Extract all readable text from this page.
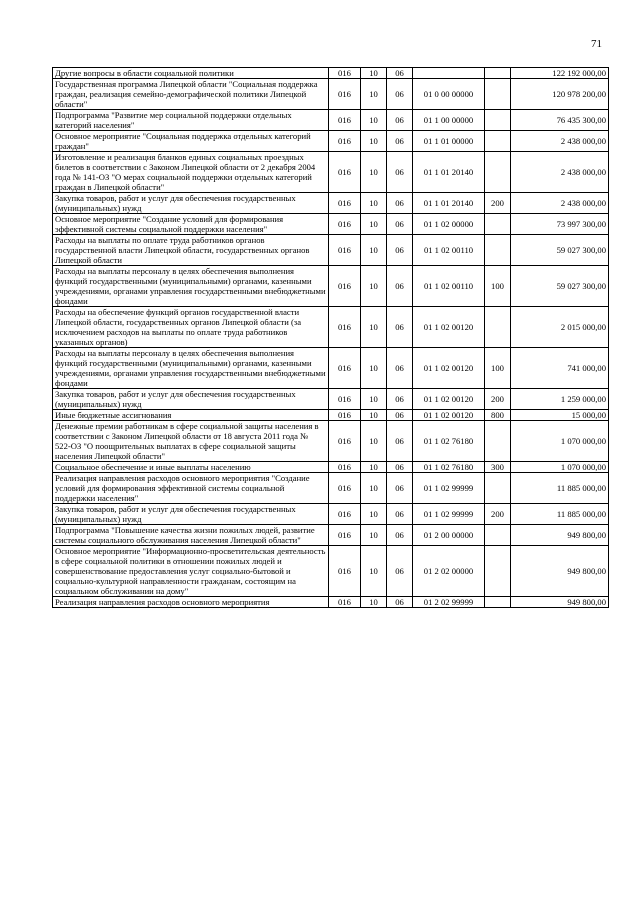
71
Другие вопросы в области социальной политики	016	10	06			122 192 000,00
Государственная программа Липецкой области "Социальная поддержка граждан, реализация семейно-демографической политики Липецкой области"	016	10	06	01 0 00 00000		120 978 200,00
Подпрограмма "Развитие мер социальной поддержки отдельных категорий населения"	016	10	06	01 1 00 00000		76 435 300,00
Основное мероприятие "Социальная поддержка отдельных категорий граждан"	016	10	06	01 1 01 00000		2 438 000,00
Изготовление и реализация бланков единых социальных проездных билетов в соответствии с Законом Липецкой области от 2 декабря 2004 года № 141-ОЗ "О мерах социальной поддержки отдельных категорий граждан в Липецкой области"	016	10	06	01 1 01 20140		2 438 000,00
Закупка товаров, работ и услуг для обеспечения государственных (муниципальных) нужд	016	10	06	01 1 01 20140	200	2 438 000,00
Основное мероприятие "Создание условий для формирования эффективной системы социальной поддержки населения"	016	10	06	01 1 02 00000		73 997 300,00
Расходы на выплаты по оплате труда работников органов государственной власти Липецкой области, государственных органов Липецкой области	016	10	06	01 1 02 00110		59 027 300,00
Расходы на выплаты персоналу в целях обеспечения выполнения функций государственными (муниципальными) органами, казенными учреждениями, органами управления государственными внебюджетными фондами	016	10	06	01 1 02 00110	100	59 027 300,00
Расходы на обеспечение функций органов государственной власти Липецкой области, государственных органов Липецкой области (за исключением расходов на выплаты по оплате труда работников указанных органов)	016	10	06	01 1 02 00120		2 015 000,00
Расходы на выплаты персоналу в целях обеспечения выполнения функций государственными (муниципальными) органами, казенными учреждениями, органами управления государственными внебюджетными фондами	016	10	06	01 1 02 00120	100	741 000,00
Закупка товаров, работ и услуг для обеспечения государственных (муниципальных) нужд	016	10	06	01 1 02 00120	200	1 259 000,00
Иные бюджетные ассигнования	016	10	06	01 1 02 00120	800	15 000,00
Денежные премии работникам в сфере социальной защиты населения в соответствии с Законом Липецкой области от 18 августа 2011 года № 522-ОЗ "О поощрительных выплатах в сфере социальной защиты населения Липецкой области"	016	10	06	01 1 02 76180		1 070 000,00
Социальное обеспечение и иные выплаты населению	016	10	06	01 1 02 76180	300	1 070 000,00
Реализация направления расходов основного мероприятия "Создание условий для формирования эффективной системы социальной поддержки населения"	016	10	06	01 1 02 99999		11 885 000,00
Закупка товаров, работ и услуг для обеспечения государственных (муниципальных) нужд	016	10	06	01 1 02 99999	200	11 885 000,00
Подпрограмма "Повышение качества жизни пожилых людей, развитие системы социального обслуживания населения Липецкой области"	016	10	06	01 2 00 00000		949 800,00
Основное мероприятие "Информационно-просветительская деятельность в сфере социальной политики в отношении пожилых людей и совершенствование предоставления услуг социально-бытовой и социально-культурной направленности гражданам, состоящим на социальном обслуживании на дому"	016	10	06	01 2 02 00000		949 800,00
Реализация направления расходов основного мероприятия	016	10	06	01 2 02 99999		949 800,00
